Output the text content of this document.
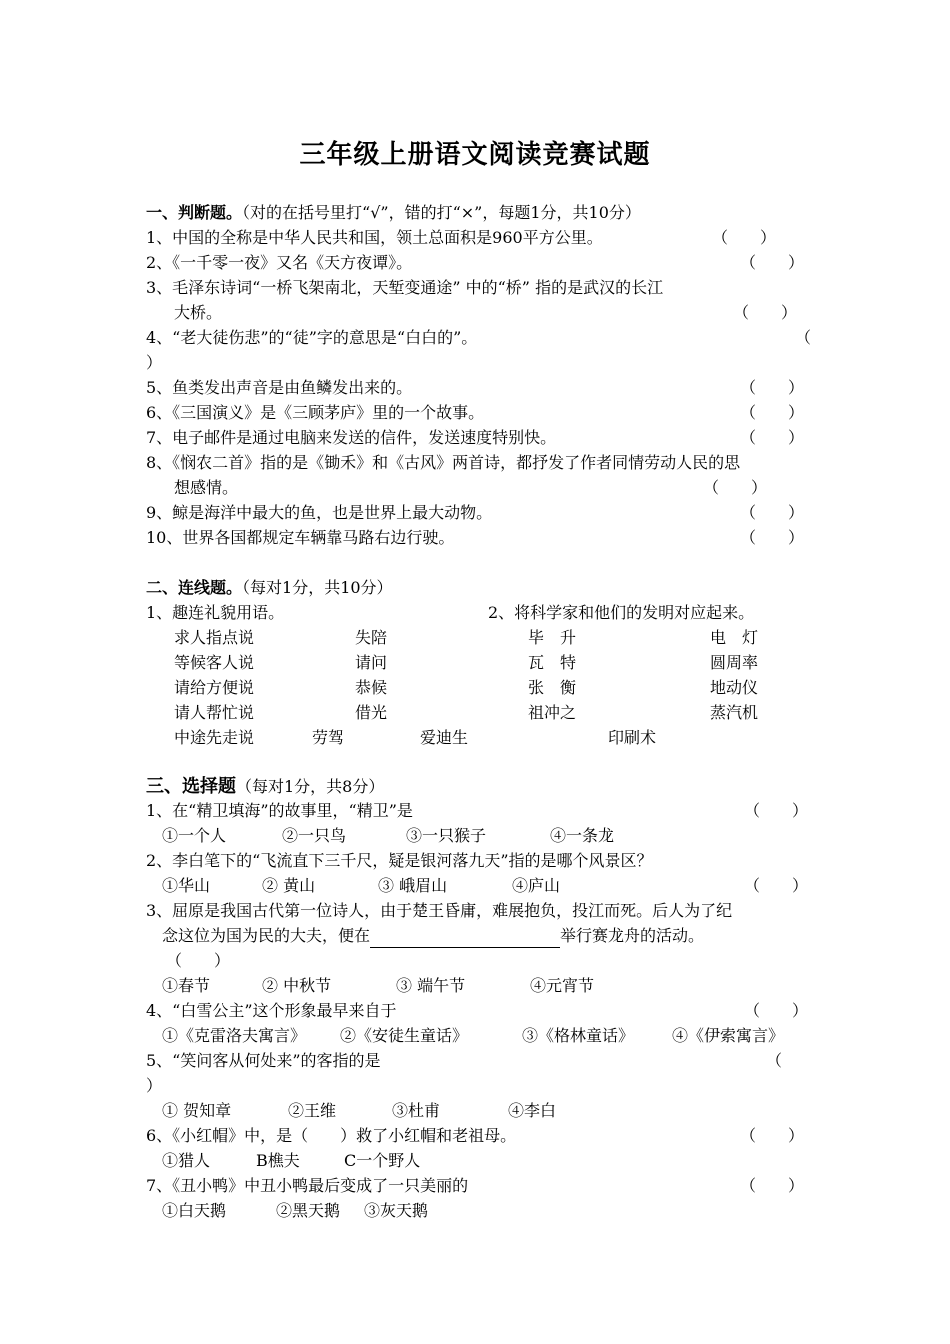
三年级上册语文阅读竞赛试题
一、判断题。（对的在括号里打“√”，错的打“×”，每题1分，共10分）
1、中国的全称是中华人民共和国，领土总面积是960平方公里。	（　　）
2、《一千零一夜》又名《天方夜谭》。	（　　）
3、毛泽东诗词“一桥飞架南北，天堑变通途” 中的“桥” 指的是武汉的长江
大桥。	（　　）
4、“老大徒伤悲”的“徒”字的意思是“白白的”。	（
）
5、鱼类发出声音是由鱼鳞发出来的。	（　　）
6、《三国演义》是《三顾茅庐》里的一个故事。	（　　）
7、电子邮件是通过电脑来发送的信件，发送速度特别快。	（　　）
8、《悯农二首》指的是《锄禾》和《古风》两首诗，都抒发了作者同情劳动人民的思
想感情。	（　　）
9、鲸是海洋中最大的鱼，也是世界上最大动物。	（　　）
10、世界各国都规定车辆靠马路右边行驶。	（　　）
二、连线题。（每对1分，共10分）
1、趣连礼貌用语。	2、将科学家和他们的发明对应起来。
求人指点说	失陪	毕　升	电　灯
等候客人说	请问	瓦　特	圆周率
请给方便说	恭候	张　衡	地动仪
请人帮忙说	借光	祖冲之	蒸汽机
中途先走说	劳驾	爱迪生	印刷术
三、选择题（每对1分，共8分）
1、在“精卫填海”的故事里，“精卫”是	（　　）
①一个人	②一只鸟	③一只猴子	④一条龙
2、李白笔下的“飞流直下三千尺，疑是银河落九天”指的是哪个风景区？
①华山	② 黄山	③ 峨眉山	④庐山	（　　）
3、屈原是我国古代第一位诗人，由于楚王昏庸，难展抱负，投江而死。后人为了纪
念这位为国为民的大夫，便在	举行赛龙舟的活动。
（　　）
①春节	② 中秋节	③ 端午节	④元宵节
4、“白雪公主”这个形象最早来自于	（　　）
①《克雷洛夫寓言》 ②《安徒生童话》	③《格林童话》 ④《伊索寓言》
5、“笑问客从何处来”的客指的是	（
）
① 贺知章	②王维	③杜甫	④李白
6、《小红帽》中，是（　　）救了小红帽和老祖母。	（　　）
①猎人	B樵夫	C一个野人
7、《丑小鸭》中丑小鸭最后变成了一只美丽的	（　　）
①白天鹅	②黑天鹅 ③灰天鹅
